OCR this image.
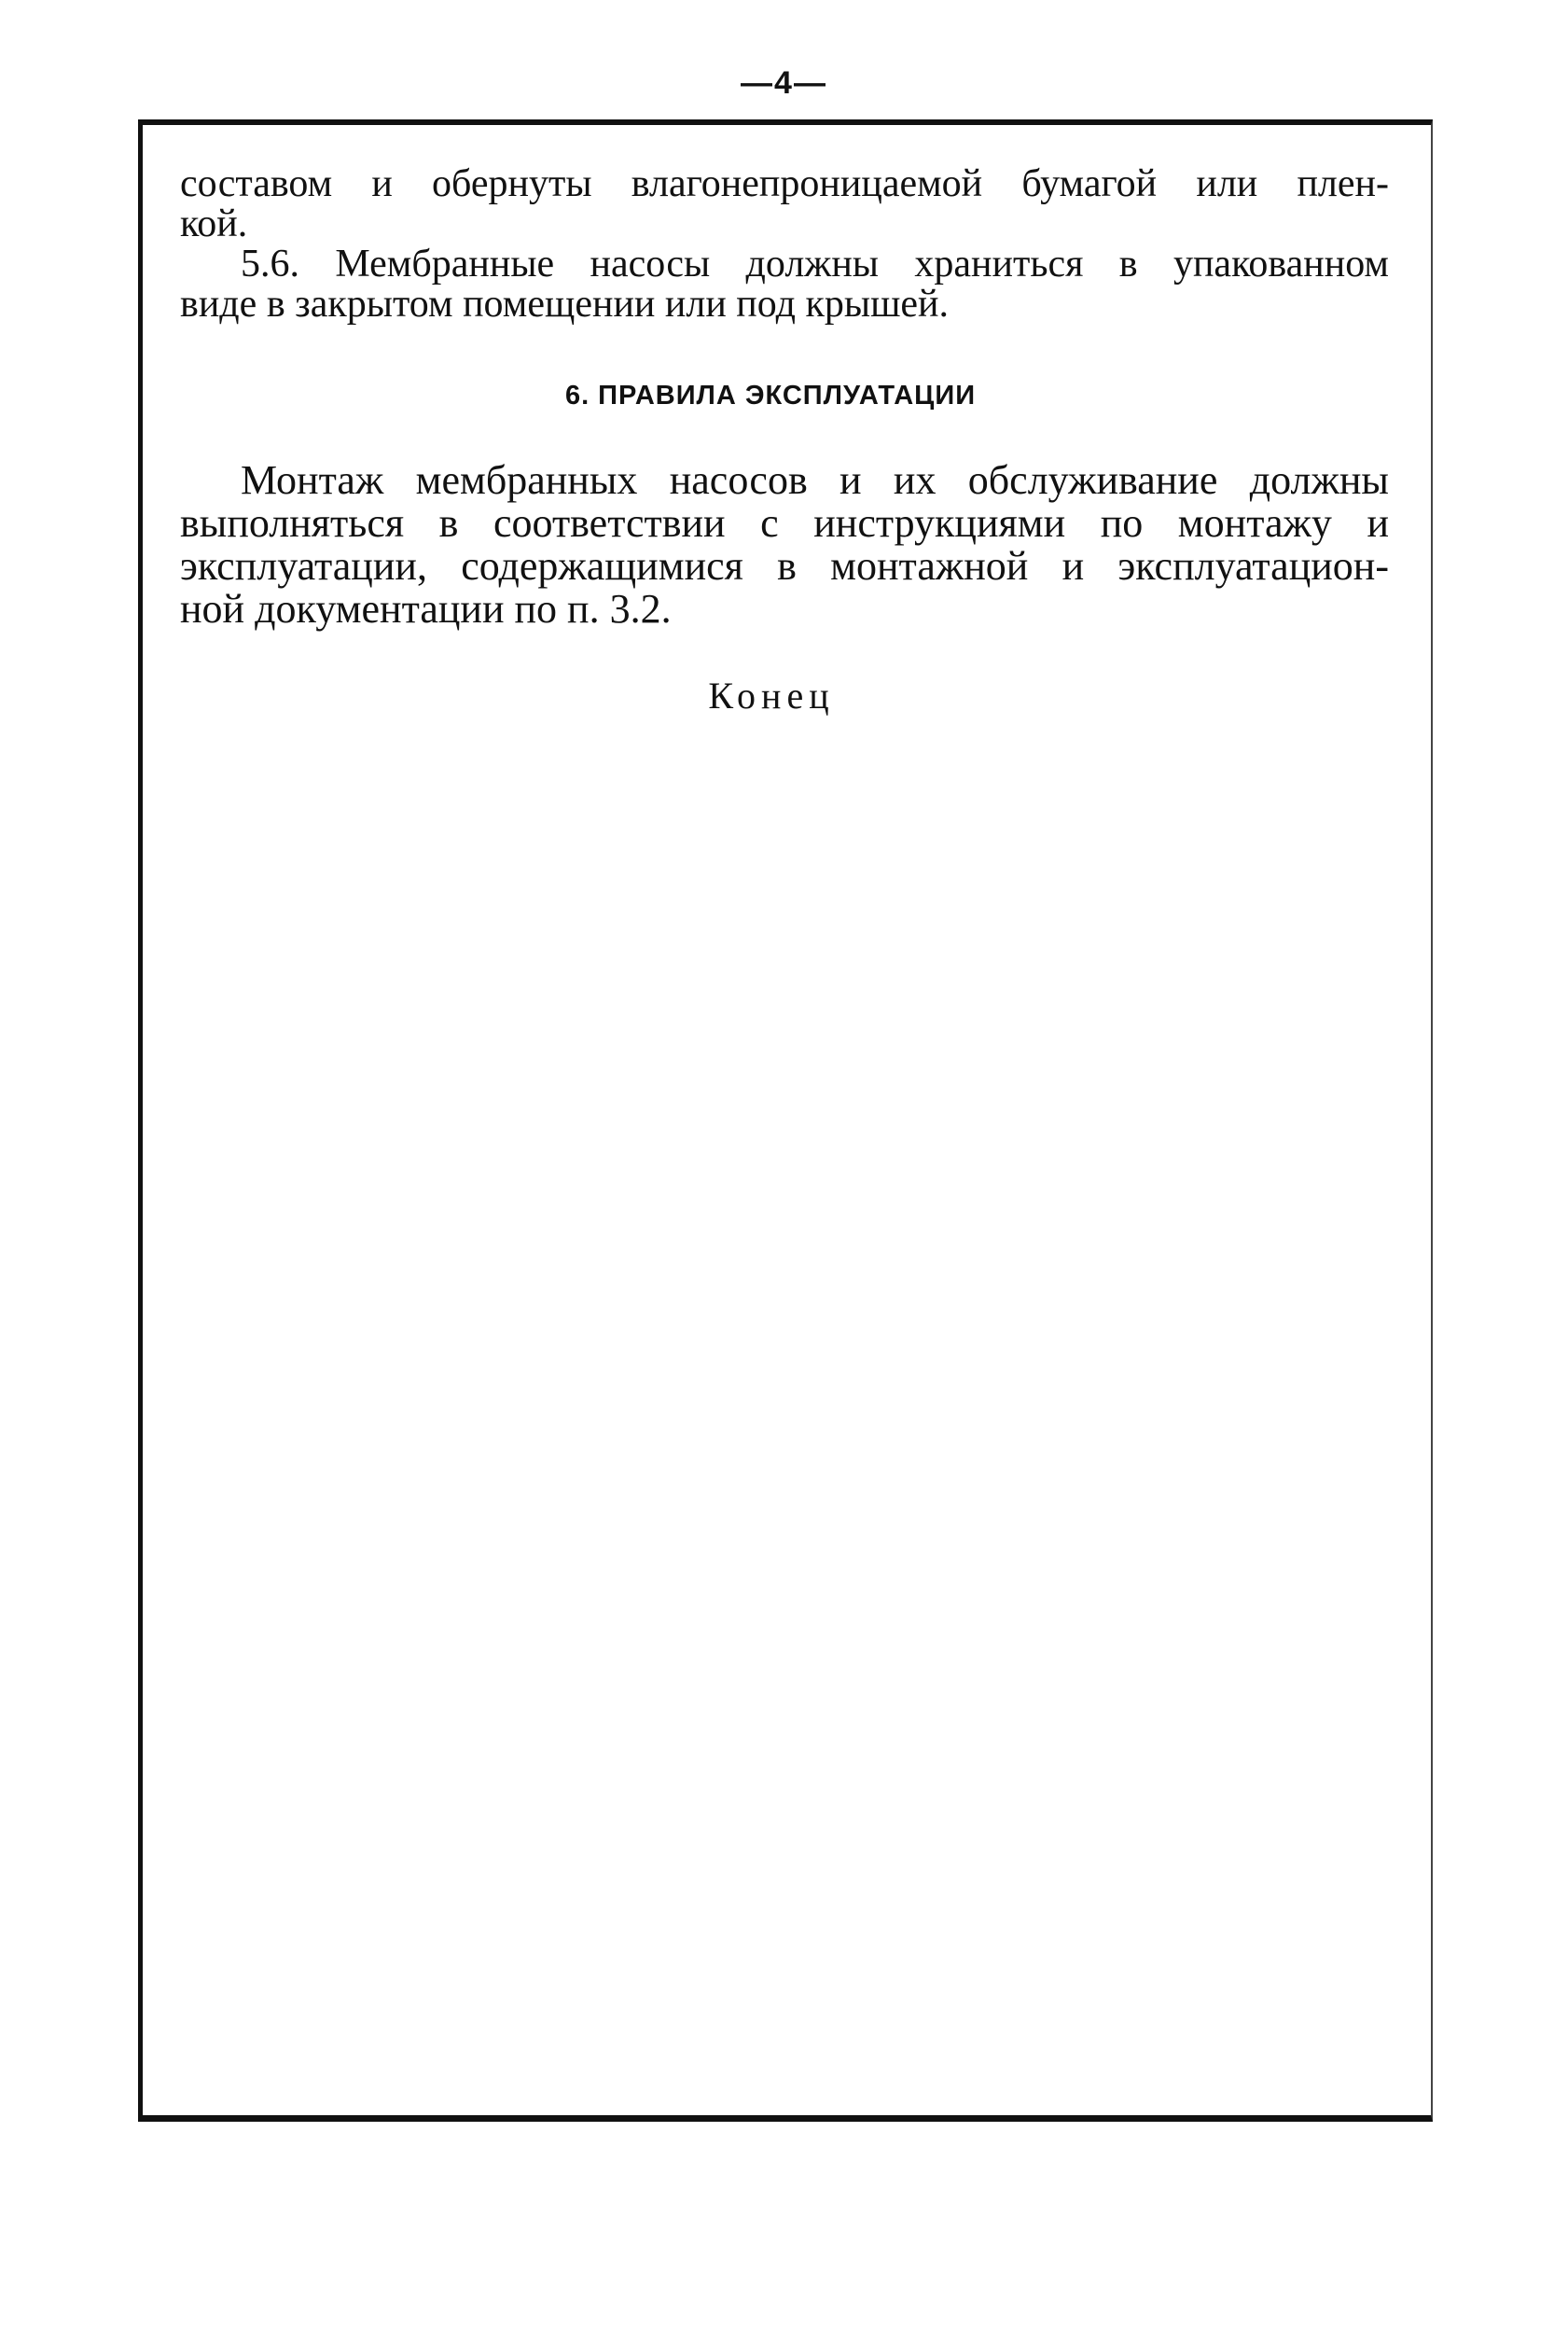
—4—
составом и обернуты влагонепроницаемой бумагой или плен-
кой.
5.6. Мембранные насосы должны храниться в упакованном
виде в закрытом помещении или под крышей.
6. ПРАВИЛА ЭКСПЛУАТАЦИИ
Монтаж мембранных насосов и их обслуживание должны
выполняться в соответствии с инструкциями по монтажу и
эксплуатации, содержащимися в монтажной и эксплуатацион-
ной документации по п. 3.2.
Конец
